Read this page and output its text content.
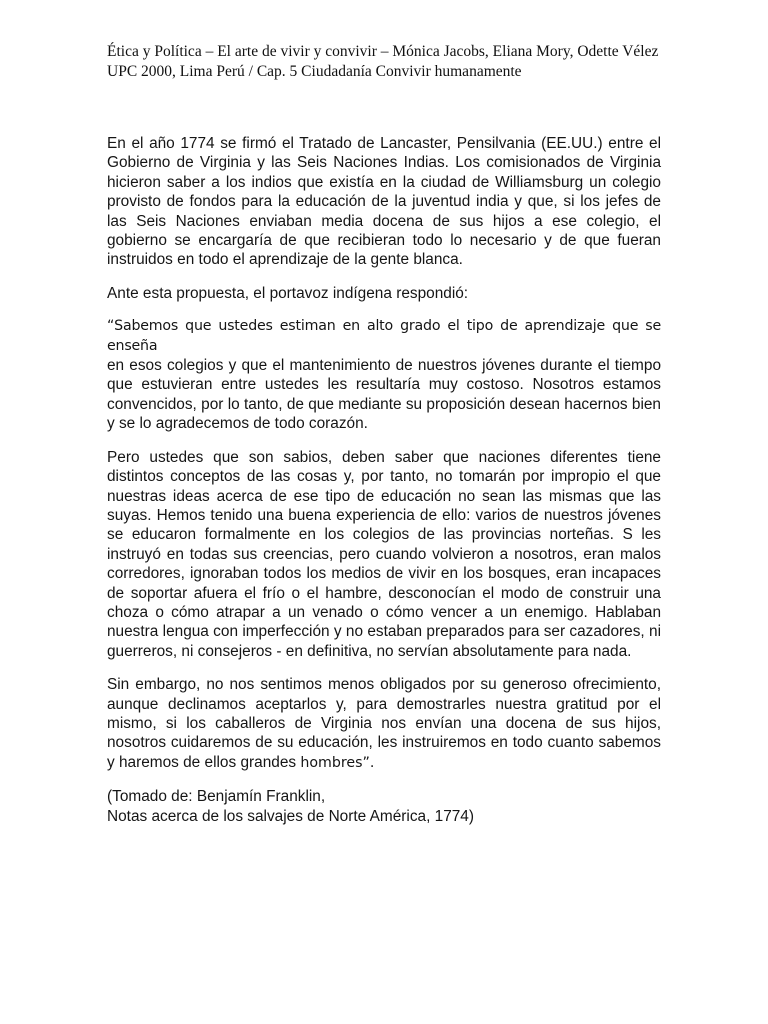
Ética y Política – El arte de vivir y convivir – Mónica Jacobs, Eliana Mory, Odette Vélez
UPC 2000, Lima Perú / Cap. 5 Ciudadanía Convivir humanamente

En el año 1774 se firmó el Tratado de Lancaster, Pensilvania (EE.UU.) entre el Gobierno de Virginia y las Seis Naciones Indias. Los comisionados de Virginia hicieron saber a los indios que existía en la ciudad de Williamsburg un colegio provisto de fondos para la educación de la juventud india y que, si los jefes de las Seis Naciones enviaban media docena de sus hijos a ese colegio, el gobierno se encargaría de que recibieran todo lo necesario y de que fueran instruidos en todo el aprendizaje de la gente blanca.

Ante esta propuesta, el portavoz indígena respondió:

“Sabemos que ustedes estiman en alto grado el tipo de aprendizaje que se enseña
en esos colegios y que el mantenimiento de nuestros jóvenes durante el tiempo que estuvieran entre ustedes les resultaría muy costoso. Nosotros estamos convencidos, por lo tanto, de que mediante su proposición desean hacernos bien y se lo agradecemos de todo corazón.

Pero ustedes que son sabios, deben saber que naciones diferentes tiene distintos conceptos de las cosas y, por tanto, no tomarán por impropio el que nuestras ideas acerca de ese tipo de educación no sean las mismas que las suyas. Hemos tenido una buena experiencia de ello: varios de nuestros jóvenes se educaron formalmente en los colegios de las provincias norteñas. S les instruyó en todas sus creencias, pero cuando volvieron a nosotros, eran malos corredores, ignoraban todos los medios de vivir en los bosques, eran incapaces de soportar afuera el frío o el hambre, desconocían el modo de construir una choza o cómo atrapar a un venado o cómo vencer a un enemigo. Hablaban nuestra lengua con imperfección y no estaban preparados para ser cazadores, ni guerreros, ni consejeros - en definitiva, no servían absolutamente para nada.

Sin embargo, no nos sentimos menos obligados por su generoso ofrecimiento, aunque declinamos aceptarlos y, para demostrarles nuestra gratitud por el mismo, si los caballeros de Virginia nos envían una docena de sus hijos, nosotros cuidaremos de su educación, les instruiremos en todo cuanto sabemos y haremos de ellos grandes hombres”.

(Tomado de: Benjamín Franklin,
Notas acerca de los salvajes de Norte América, 1774)
